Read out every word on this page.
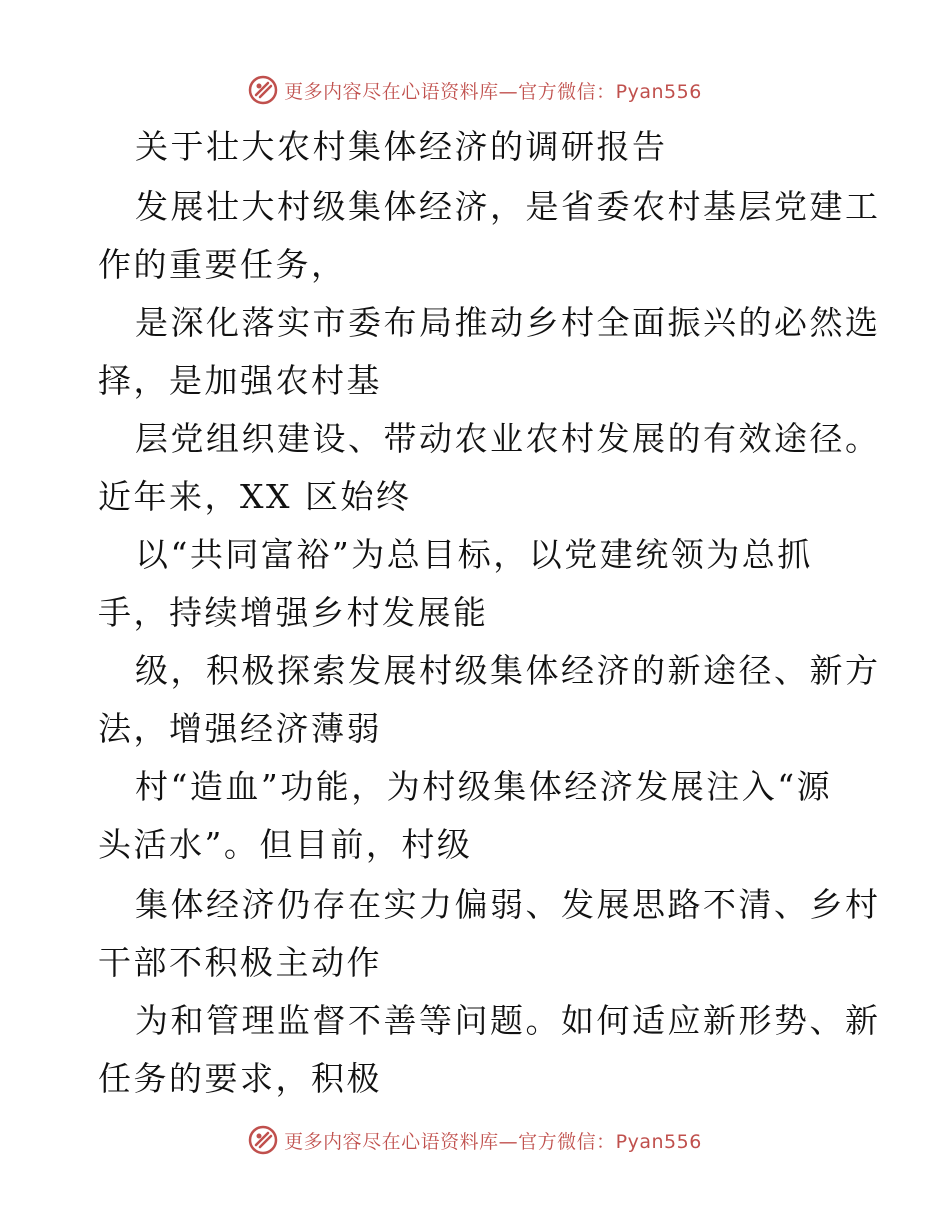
更多内容尽在心语资料库—官方微信：Pyan556
关于壮大农村集体经济的调研报告
发展壮大村级集体经济，是省委农村基层党建工
作的重要任务，
是深化落实市委布局推动乡村全面振兴的必然选
择，是加强农村基
层党组织建设、带动农业农村发展的有效途径。
近年来，XX 区始终
以“共同富裕”为总目标，以党建统领为总抓
手，持续增强乡村发展能
级，积极探索发展村级集体经济的新途径、新方
法，增强经济薄弱
村“造血”功能，为村级集体经济发展注入“源
头活水”。但目前，村级
集体经济仍存在实力偏弱、发展思路不清、乡村
干部不积极主动作
为和管理监督不善等问题。如何适应新形势、新
任务的要求，积极
更多内容尽在心语资料库—官方微信：Pyan556
